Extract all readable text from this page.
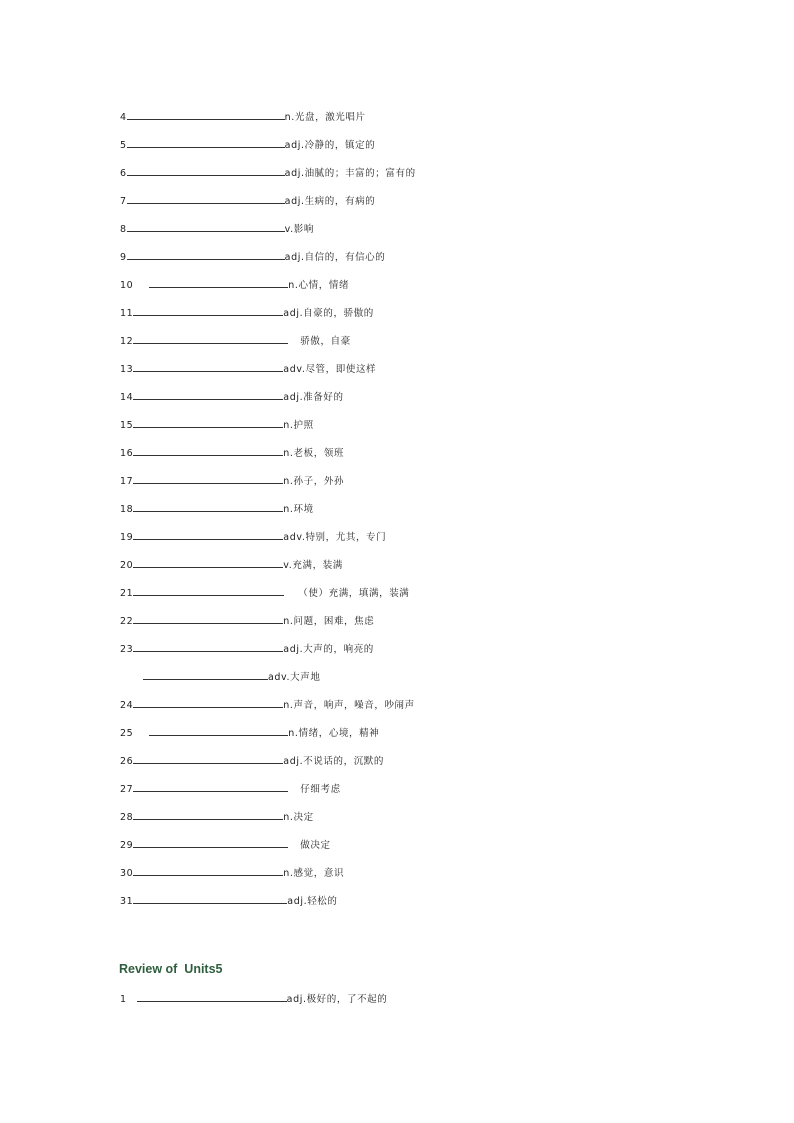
4	n.光盘，激光唱片
5	adj.冷静的，镇定的
6	adj.油腻的；丰富的；富有的
7	adj.生病的，有病的
8	v.影响
9	adj.自信的，有信心的
10	n.心情，情绪
11	adj.自豪的，骄傲的
12	骄傲，自豪
13	adv.尽管，即使这样
14	adj.准备好的
15	n.护照
16	n.老板，领班
17	n.孙子，外孙
18	n.环境
19	adv.特别，尤其，专门
20	v.充满，装满
21	（使）充满，填满，装满
22	n.问题，困难，焦虑
23	adj.大声的，响亮的
adv.大声地
24	n.声音，响声，噪音，吵闹声
25	n.情绪，心境，精神
26	adj.不说话的，沉默的
27	仔细考虑
28	n.决定
29	做决定
30	n.感觉，意识
31	adj.轻松的
Review of  Units5
1	adj.极好的，了不起的
